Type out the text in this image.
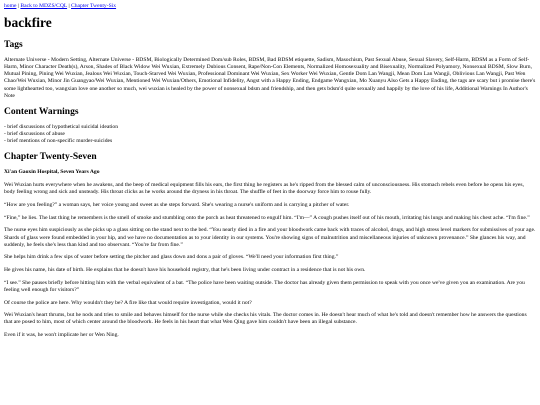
home | Back to MDZS/CQL | Chapter Twenty-Six
backfire
Tags

Alternate Universe - Modern Setting, Alternate Universe - BDSM, Biologically Determined Dom/sub Roles, BDSM, Bad BDSM etiquette, Sadism, Masochism, Past Sexual Abuse, Sexual Slavery, Self-Harm, BDSM as a Form of Self-Harm, Minor Character Death(s), Arson, Shades of Black Widow Wei Wuxian, Extremely Dubious Consent, Rape/Non-Con Elements, Normalized Homosexuality and Bisexuality, Normalized Polyamory, Nonsexual BDSM, Slow Burn, Mutual Pining, Pining Wei Wuxian, Jealous Wei Wuxian, Touch-Starved Wei Wuxian, Professional Dominant Wei Wuxian, Sex Worker Wei Wuxian, Gentle Dom Lan Wangji, Mean Dom Lan Wangji, Oblivious Lan Wangji, Past Wen Chao/Wei Wuxian, Minor Jin Guangyao/Wei Wuxian, Mentioned Wei Wuxian/Others, Emotional Infidelity, Angst with a Happy Ending, Endgame Wangxian, Mo Xuanyu Also Gets a Happy Ending, the tags are scary but i promise there's some lighthearted too, wangxian love one another so much, wei wuxian is healed by the power of nonsexual bdsm and friendship, and then gets bdsm'd quite sexually and happily by the love of his life, Additional Warnings In Author's Note

Content Warnings
- brief discussions of hypothetical suicidal ideation
- brief discussions of abuse
- brief mentions of non-specific murder-suicides
Chapter Twenty-Seven

Xi'an Gaoxin Hospital, Seven Years Ago

Wei Wuxian hurts everywhere when he awakens, and the beep of medical equipment fills his ears, the first thing he registers as he's ripped from the blessed calm of unconsciousness. His stomach rebels even before he opens his eyes, body feeling wrong and sick and unsteady. His throat clicks as he works around the dryness in his throat. The shuffle of feet in the doorway force him to rouse fully.

“How are you feeling?” a woman says, her voice young and sweet as she steps forward. She's wearing a nurse's uniform and is carrying a pitcher of water.

“Fine,” he lies. The last thing he remembers is the smell of smoke and stumbling onto the porch as heat threatened to engulf him. “I'm—” A cough pushes itself out of his mouth, irritating his lungs and making his chest ache. “I'm fine.”

The nurse eyes him suspiciously as she picks up a glass sitting on the stand next to the bed. “You nearly died in a fire and your bloodwork came back with traces of alcohol, drugs, and high stress level markers for submissives of your age. Shards of glass were found embedded in your hip, and we have no documentation as to your identity in our systems. You're showing signs of malnutrition and miscellaneous injuries of unknown provenance.” She glances his way, and suddenly, he feels she's less than kind and too observant. “You're far from fine.”

She helps him drink a few sips of water before setting the pitcher and glass down and dons a pair of gloves. “We'll need your information first thing.”

He gives his name, his date of birth. He explains that he doesn't have his household registry, that he's been living under contract in a residence that is not his own.

“I see.” She pauses briefly before hitting him with the verbal equivalent of a bat. “The police have been waiting outside. The doctor has already given them permission to speak with you once we've given you an examination. Are you feeling well enough for visitors?”

Of course the police are here. Why wouldn't they be? A fire like that would require investigation, would it not?

Wei Wuxian's heart thrums, but he nods and tries to smile and behaves himself for the nurse while she checks his vitals. The doctor comes in. He doesn't hear much of what he's told and doesn't remember how he answers the questions that are posed to him, most of which center around the bloodwork. He feels in his heart that what Wen Qing gave him couldn't have been an illegal substance.

Even if it was, he won't implicate her or Wen Ning.
